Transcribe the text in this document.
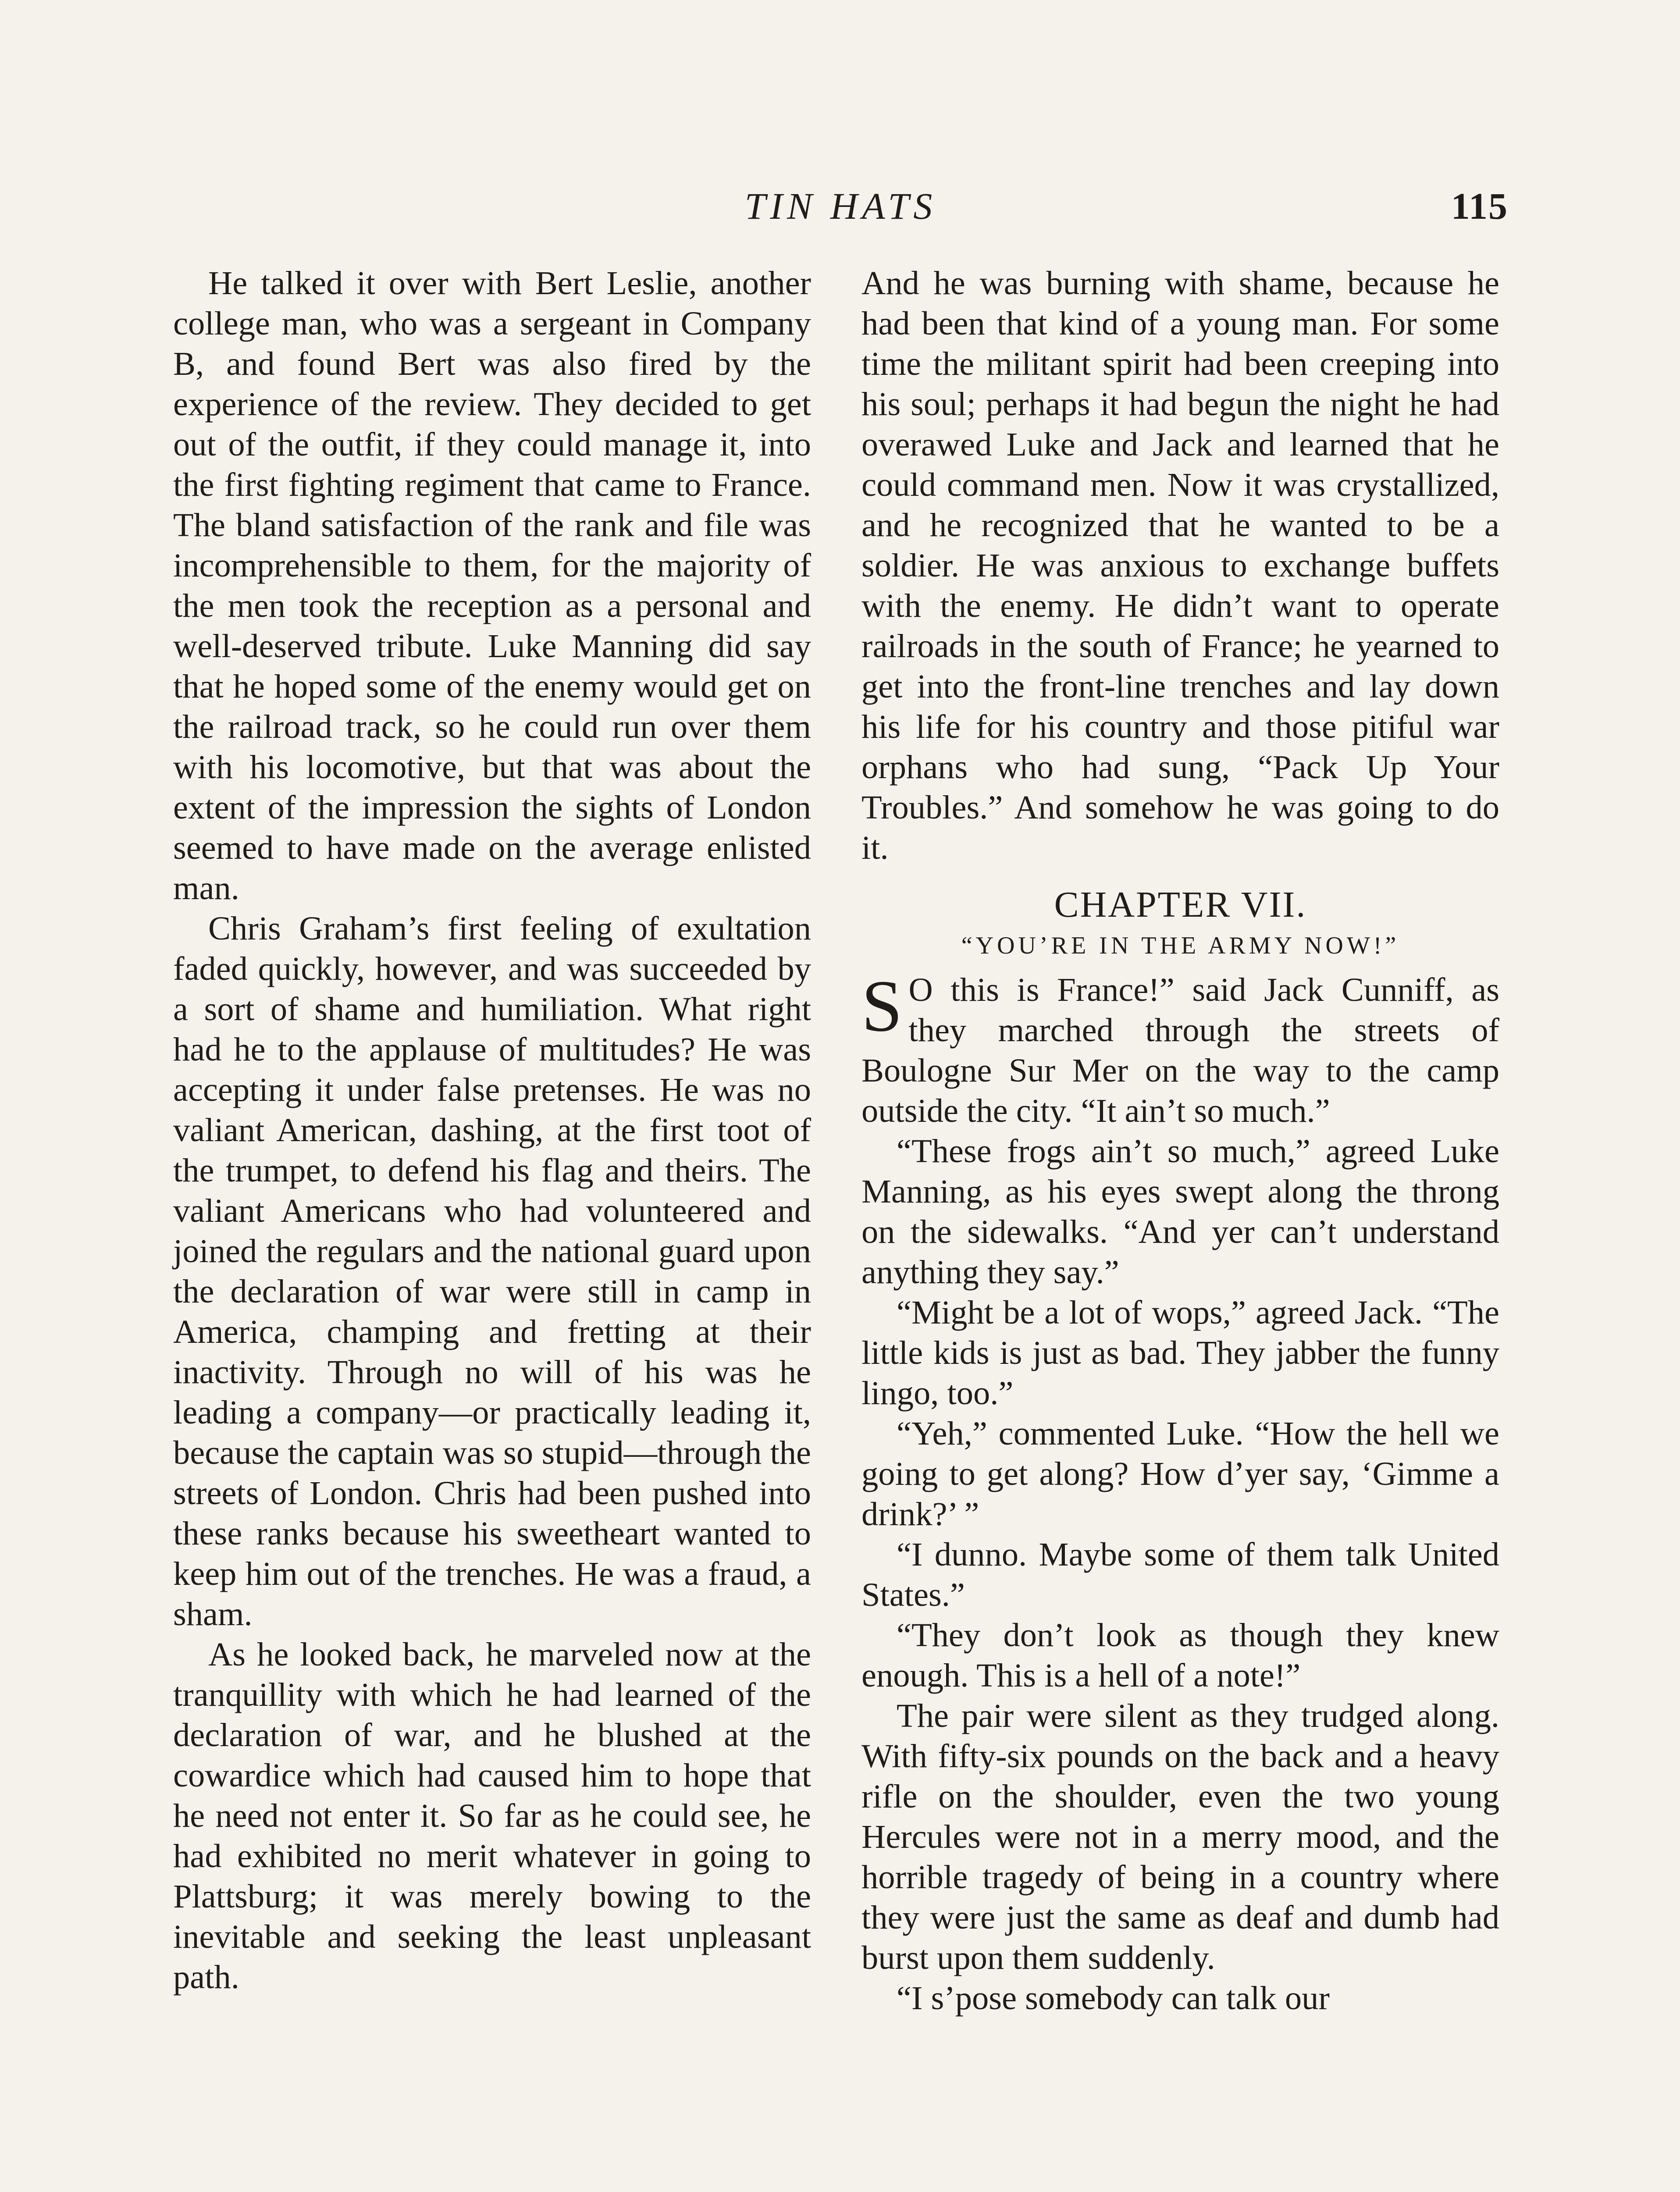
TIN HATS	115

He talked it over with Bert Leslie, another college man, who was a sergeant in Company B, and found Bert was also fired by the experience of the review. They decided to get out of the outfit, if they could manage it, into the first fighting regiment that came to France. The bland satisfaction of the rank and file was incomprehensible to them, for the majority of the men took the reception as a personal and well-deserved tribute. Luke Manning did say that he hoped some of the enemy would get on the railroad track, so he could run over them with his locomotive, but that was about the extent of the impression the sights of London seemed to have made on the average enlisted man.

Chris Graham’s first feeling of exultation faded quickly, however, and was succeeded by a sort of shame and humiliation. What right had he to the applause of multitudes? He was accepting it under false pretenses. He was no valiant American, dashing, at the first toot of the trumpet, to defend his flag and theirs. The valiant Americans who had volunteered and joined the regulars and the national guard upon the declaration of war were still in camp in America, champing and fretting at their inactivity. Through no will of his was he leading a company—or practically leading it, because the captain was so stupid—through the streets of London. Chris had been pushed into these ranks because his sweetheart wanted to keep him out of the trenches. He was a fraud, a sham.

As he looked back, he marveled now at the tranquillity with which he had learned of the declaration of war, and he blushed at the cowardice which had caused him to hope that he need not enter it. So far as he could see, he had exhibited no merit whatever in going to Plattsburg; it was merely bowing to the inevitable and seeking the least unpleasant path.

And he was burning with shame, because he had been that kind of a young man. For some time the militant spirit had been creeping into his soul; perhaps it had begun the night he had overawed Luke and Jack and learned that he could command men. Now it was crystallized, and he recognized that he wanted to be a soldier. He was anxious to exchange buffets with the enemy. He didn’t want to operate railroads in the south of France; he yearned to get into the front-line trenches and lay down his life for his country and those pitiful war orphans who had sung, “Pack Up Your Troubles.” And somehow he was going to do it.

CHAPTER VII.
“YOU’RE IN THE ARMY NOW!”

S O this is France!” said Jack Cunniff, as they marched through the streets of Boulogne Sur Mer on the way to the camp outside the city. “It ain’t so much.”

“These frogs ain’t so much,” agreed Luke Manning, as his eyes swept along the throng on the sidewalks. “And yer can’t understand anything they say.”

“Might be a lot of wops,” agreed Jack. “The little kids is just as bad. They jabber the funny lingo, too.”

“Yeh,” commented Luke. “How the hell we going to get along? How d’yer say, ‘Gimme a drink?’ ”

“I dunno. Maybe some of them talk United States.”

“They don’t look as though they knew enough. This is a hell of a note!”

The pair were silent as they trudged along. With fifty-six pounds on the back and a heavy rifle on the shoulder, even the two young Hercules were not in a merry mood, and the horrible tragedy of being in a country where they were just the same as deaf and dumb had burst upon them suddenly.

“I s’pose somebody can talk our
